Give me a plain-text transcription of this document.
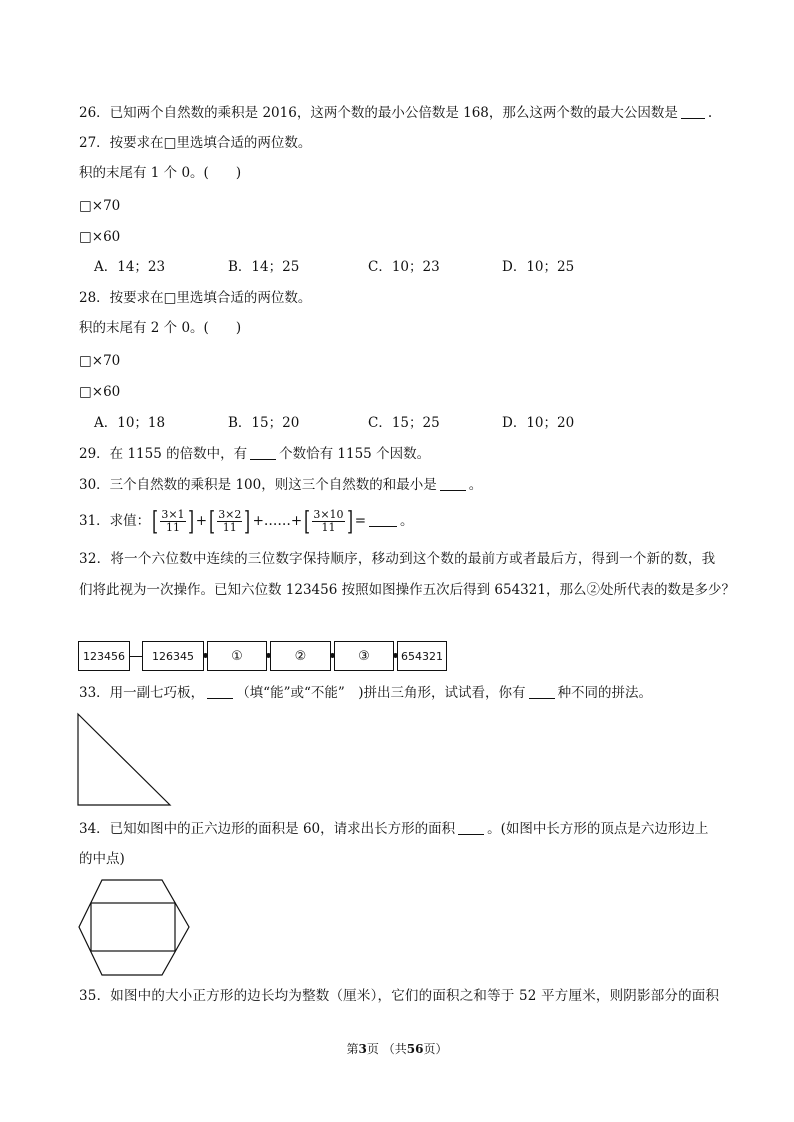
26．已知两个自然数的乘积是 2016，这两个数的最小公倍数是 168，那么这两个数的最大公因数是 .
27．按要求在□里选填合适的两位数。
积的末尾有 1 个 0。(　　)
□×70
□×60
A．14；23	B．14；25	C．10；23	D．10；25
28．按要求在□里选填合适的两位数。
积的末尾有 2 个 0。(　　)
□×70
□×60
A．10；18	B．15；20	C．15；25	D．10；20
29．在 1155 的倍数中，有 个数恰有 1155 个因数。
30．三个自然数的乘积是 100，则这三个自然数的和最小是 。
31．求值：[ $\frac{3\times 1}{11}$ ] +[ $\frac{3\times 2}{11}$ ] +……+[ $\frac{3\times 10}{11}$ ] =	。
32．将一个六位数中连续的三位数字保持顺序，移动到这个数的最前方或者最后方，得到一个新的数，我
们将此视为一次操作。已知六位数 123456 按照如图操作五次后得到 654321，那么②处所代表的数是多少？
123456	126345	①	②	③	654321
33．用一副七巧板， （填“能”或“不能”　)拼出三角形，试试看，你有 种不同的拼法。
34．已知如图中的正六边形的面积是 60，请求出长方形的面积 。(如图中长方形的顶点是六边形边上
的中点)
35．如图中的大小正方形的边长均为整数（厘米），它们的面积之和等于 52 平方厘米，则阴影部分的面积
第3页 （共56页）
